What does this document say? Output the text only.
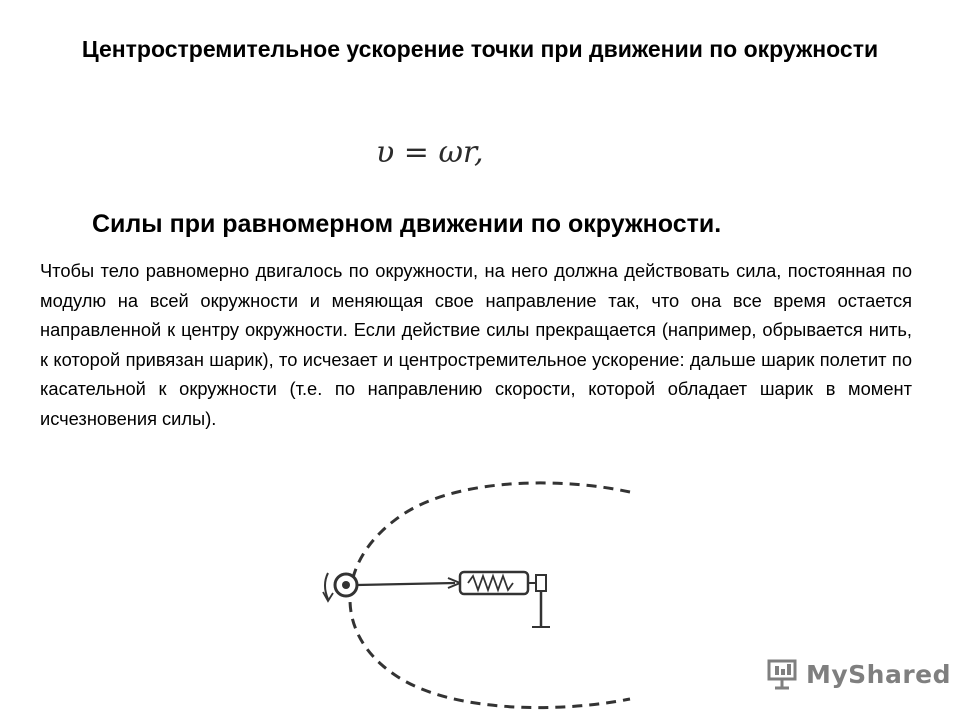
Центростремительное ускорение точки при движении по окружности
υ = ωr,
Силы при равномерном движении по окружности.

Чтобы тело равномерно двигалось по окружности, на него должна действовать сила, постоянная по модулю на всей окружности и меняющая свое направление так, что она все время остается направленной к центру окружности. Если действие силы прекращается (например, обрывается нить, к которой привязан шарик), то исчезает и центростремительное ускорение: дальше шарик полетит по касательной к окружности (т.е. по направлению скорости, которой обладает шарик в момент исчезновения силы).

MyShared
